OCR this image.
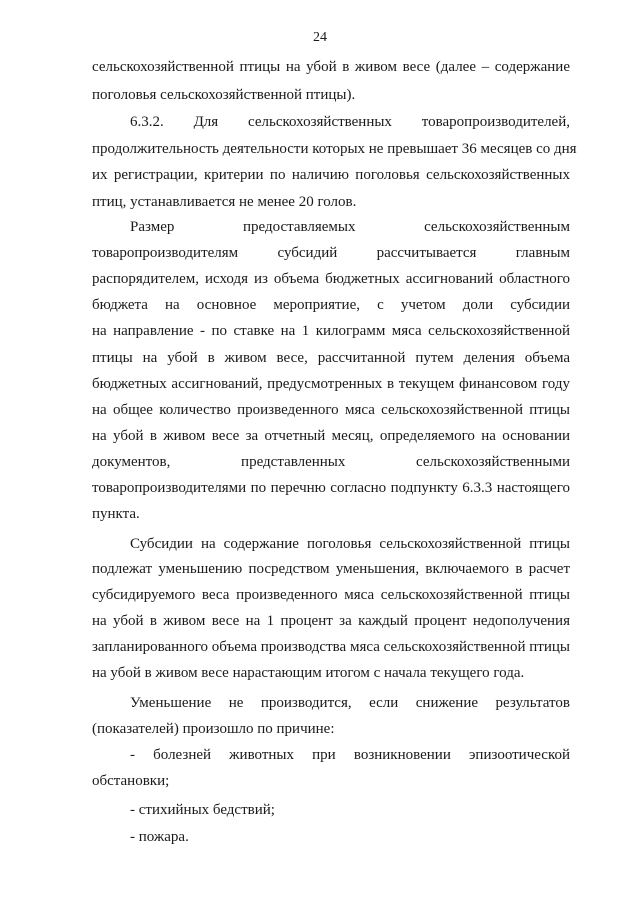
24
сельскохозяйственной птицы на убой в живом весе (далее – содержание
поголовья сельскохозяйственной птицы).
6.3.2. Для сельскохозяйственных товаропроизводителей,
продолжительность деятельности которых не превышает 36 месяцев со дня
их регистрации, критерии по наличию поголовья сельскохозяйственных
птиц, устанавливается не менее 20 голов.
Размер предоставляемых сельскохозяйственным
товаропроизводителям субсидий рассчитывается главным
распорядителем, исходя из объема бюджетных ассигнований областного
бюджета на основное мероприятие, с учетом доли субсидии
на направление - по ставке на 1 килограмм мяса сельскохозяйственной
птицы на убой в живом весе, рассчитанной путем деления объема
бюджетных ассигнований, предусмотренных в текущем финансовом году
на общее количество произведенного мяса сельскохозяйственной птицы
на убой в живом весе за отчетный месяц, определяемого на основании
документов, представленных сельскохозяйственными
товаропроизводителями по перечню согласно подпункту 6.3.3 настоящего
пункта.
Субсидии на содержание поголовья сельскохозяйственной птицы
подлежат уменьшению посредством уменьшения, включаемого в расчет
субсидируемого веса произведенного мяса сельскохозяйственной птицы
на убой в живом весе на 1 процент за каждый процент недополучения
запланированного объема производства мяса сельскохозяйственной птицы
на убой в живом весе нарастающим итогом с начала текущего года.
Уменьшение не производится, если снижение результатов
(показателей) произошло по причине:
- болезней животных при возникновении эпизоотической
обстановки;
- стихийных бедствий;
- пожара.
